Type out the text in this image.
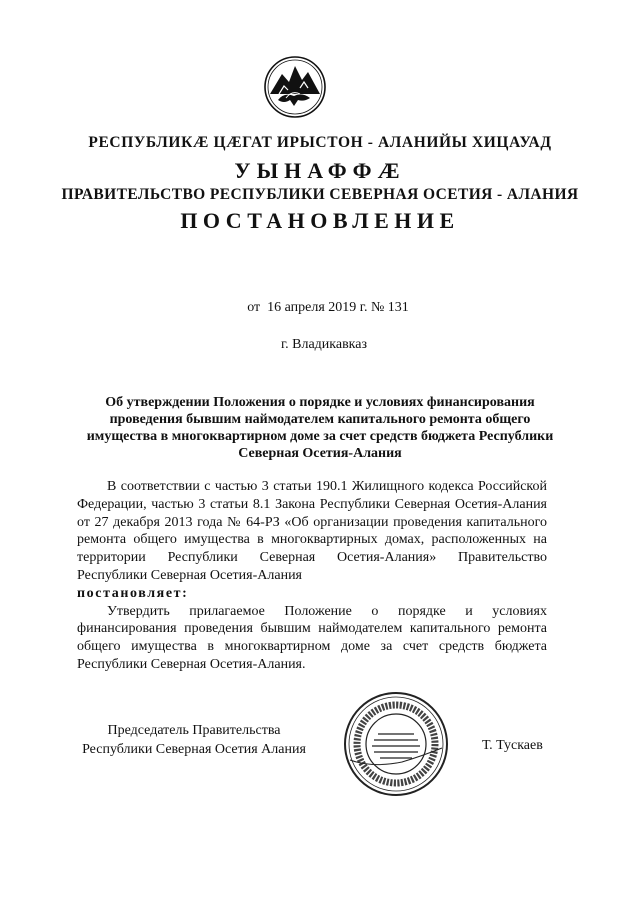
РЕСПУБЛИКӔ ЦӔГАТ ИРЫСТОН - АЛАНИЙЫ ХИЦАУАД
УЫНАФФӔ
ПРАВИТЕЛЬСТВО РЕСПУБЛИКИ СЕВЕРНАЯ ОСЕТИЯ - АЛАНИЯ
ПОСТАНОВЛЕНИЕ
от  16 апреля 2019 г. № 131
г. Владикавказ
Об утверждении Положения о порядке и условиях финансирования проведения бывшим наймодателем капитального ремонта общего имущества в многоквартирном доме за счет средств бюджета Республики Северная Осетия-Алания

В соответствии с частью 3 статьи 190.1 Жилищного кодекса Российской Федерации, частью 3 статьи 8.1 Закона Республики Северная Осетия-Алания от 27 декабря 2013 года № 64-РЗ «Об организации проведения капитального ремонта общего имущества в многоквартирных домах, расположенных на территории Республики Северная Осетия-Алания» Правительство Республики Северная Осетия-Алания

постановляет:

Утвердить прилагаемое Положение о порядке и условиях финансирования проведения бывшим наймодателем капитального ремонта общего имущества в многоквартирном доме за счет средств бюджета Республики Северная Осетия-Алания.

Председатель Правительства
Республики Северная Осетия Алания	Т. Тускаев
